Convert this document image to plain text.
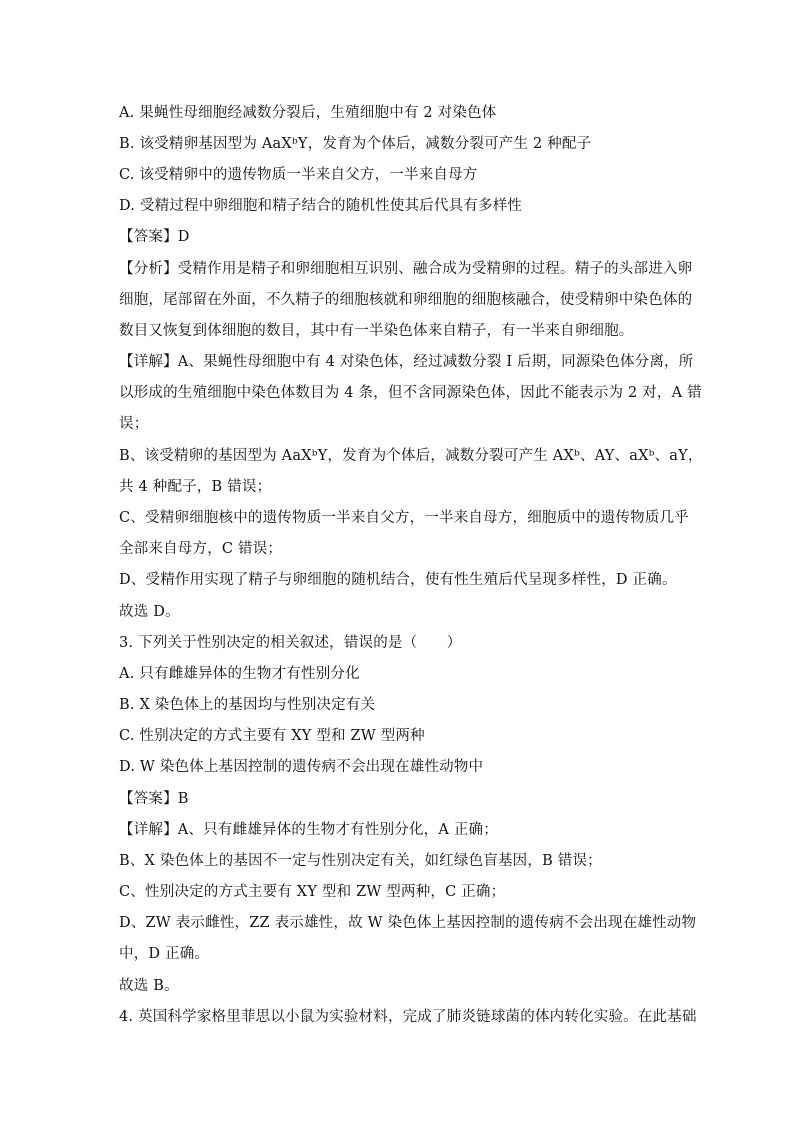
A. 果蝇性母细胞经减数分裂后，生殖细胞中有 2 对染色体
B. 该受精卵基因型为 AaXᵇY，发育为个体后，减数分裂可产生 2 种配子
C. 该受精卵中的遗传物质一半来自父方，一半来自母方
D. 受精过程中卵细胞和精子结合的随机性使其后代具有多样性
【答案】D
【分析】受精作用是精子和卵细胞相互识别、融合成为受精卵的过程。精子的头部进入卵
细胞，尾部留在外面，不久精子的细胞核就和卵细胞的细胞核融合，使受精卵中染色体的
数目又恢复到体细胞的数目，其中有一半染色体来自精子，有一半来自卵细胞。
【详解】A、果蝇性母细胞中有 4 对染色体，经过减数分裂 I 后期，同源染色体分离，所
以形成的生殖细胞中染色体数目为 4 条，但不含同源染色体，因此不能表示为 2 对，A 错
误；
B、该受精卵的基因型为 AaXᵇY，发育为个体后，减数分裂可产生 AXᵇ、AY、aXᵇ、aY，
共 4 种配子，B 错误；
C、受精卵细胞核中的遗传物质一半来自父方，一半来自母方，细胞质中的遗传物质几乎
全部来自母方，C 错误；
D、受精作用实现了精子与卵细胞的随机结合，使有性生殖后代呈现多样性，D 正确。
故选 D。
3. 下列关于性别决定的相关叙述，错误的是（　　）
A. 只有雌雄异体的生物才有性别分化
B. X 染色体上的基因均与性别决定有关
C. 性别决定的方式主要有 XY 型和 ZW 型两种
D. W 染色体上基因控制的遗传病不会出现在雄性动物中
【答案】B
【详解】A、只有雌雄异体的生物才有性别分化，A 正确；
B、X 染色体上的基因不一定与性别决定有关，如红绿色盲基因，B 错误；
C、性别决定的方式主要有 XY 型和 ZW 型两种，C 正确；
D、ZW 表示雌性，ZZ 表示雄性，故 W 染色体上基因控制的遗传病不会出现在雄性动物
中，D 正确。
故选 B。
4. 英国科学家格里菲思以小鼠为实验材料，完成了肺炎链球菌的体内转化实验。在此基础
